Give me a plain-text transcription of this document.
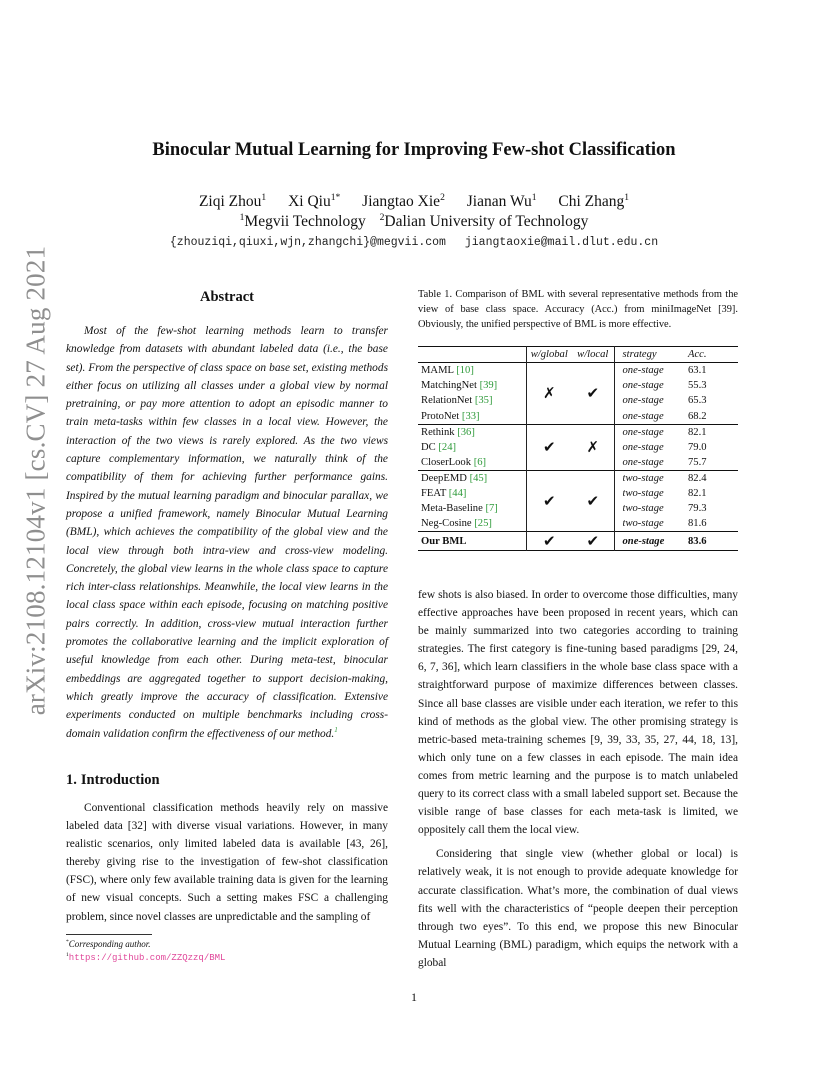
arXiv:2108.12104v1 [cs.CV] 27 Aug 2021
Binocular Mutual Learning for Improving Few-shot Classification
Ziqi Zhou$^1$ Xi Qiu$^{1*}$ Jiangtao Xie$^2$ Jianan Wu$^1$ Chi Zhang$^1$
$^1$Megvii Technology $^2$Dalian University of Technology
{zhouziqi,qiuxi,wjn,zhangchi}@megvii.com jiangtaoxie@mail.dlut.edu.cn
Abstract

Most of the few-shot learning methods learn to transfer knowledge from datasets with abundant labeled data (i.e., the base set). From the perspective of class space on base set, existing methods either focus on utilizing all classes under a global view by normal pretraining, or pay more attention to adopt an episodic manner to train meta-tasks within few classes in a local view. However, the interaction of the two views is rarely explored. As the two views capture complementary information, we naturally think of the compatibility of them for achieving further performance gains. Inspired by the mutual learning paradigm and binocular parallax, we propose a unified framework, namely Binocular Mutual Learning (BML), which achieves the compatibility of the global view and the local view through both intra-view and cross-view modeling. Concretely, the global view learns in the whole class space to capture rich inter-class relationships. Meanwhile, the local view learns in the local class space within each episode, focusing on matching positive pairs correctly. In addition, cross-view mutual interaction further promotes the collaborative learning and the implicit exploration of useful knowledge from each other. During meta-test, binocular embeddings are aggregated together to support decision-making, which greatly improve the accuracy of classification. Extensive experiments conducted on multiple benchmarks including cross-domain validation confirm the effectiveness of our method.$^1$

1. Introduction

Conventional classification methods heavily rely on massive labeled data [32] with diverse visual variations. However, in many realistic scenarios, only limited labeled data is available [43, 26], thereby giving rise to the investigation of few-shot classification (FSC), where only few available training data is given for the learning of new visual concepts. Such a setting makes FSC a challenging problem, since novel classes are unpredictable and the sampling of

*Corresponding author.
$^1$https://github.com/ZZQzzq/BML

Table 1. Comparison of BML with several representative methods from the view of base class space. Accuracy (Acc.) from miniImageNet [39]. Obviously, the unified perspective of BML is more effective.

	w/global	w/local	strategy	Acc.
MAML [10]	✗	✔	one-stage	63.1
MatchingNet [39]			one-stage	55.3
RelationNet [35]			one-stage	65.3
ProtoNet [33]			one-stage	68.2
Rethink [36]	✔	✗	one-stage	82.1
DC [24]			one-stage	79.0
CloserLook [6]			one-stage	75.7
DeepEMD [45]	✔	✔	two-stage	82.4
FEAT [44]			two-stage	82.1
Meta-Baseline [7]			two-stage	79.3
Neg-Cosine [25]			two-stage	81.6
Our BML	✔	✔	one-stage	83.6

few shots is also biased. In order to overcome those difficulties, many effective approaches have been proposed in recent years, which can be mainly summarized into two categories according to training strategies. The first category is fine-tuning based paradigms [29, 24, 6, 7, 36], which learn classifiers in the whole base class space with a straightforward purpose of maximize differences between classes. Since all base classes are visible under each iteration, we refer to this kind of methods as the global view. The other promising strategy is metric-based meta-training schemes [9, 39, 33, 35, 27, 44, 18, 13], which only tune on a few classes in each episode. The main idea comes from metric learning and the purpose is to match unlabeled query to its correct class with a small labeled support set. Because the visible range of base classes for each meta-task is limited, we oppositely call them the local view.

Considering that single view (whether global or local) is relatively weak, it is not enough to provide adequate knowledge for accurate classification. What’s more, the combination of dual views fits well with the characteristics of “people deepen their perception through two eyes”. To this end, we propose this new Binocular Mutual Learning (BML) paradigm, which equips the network with a global

1
